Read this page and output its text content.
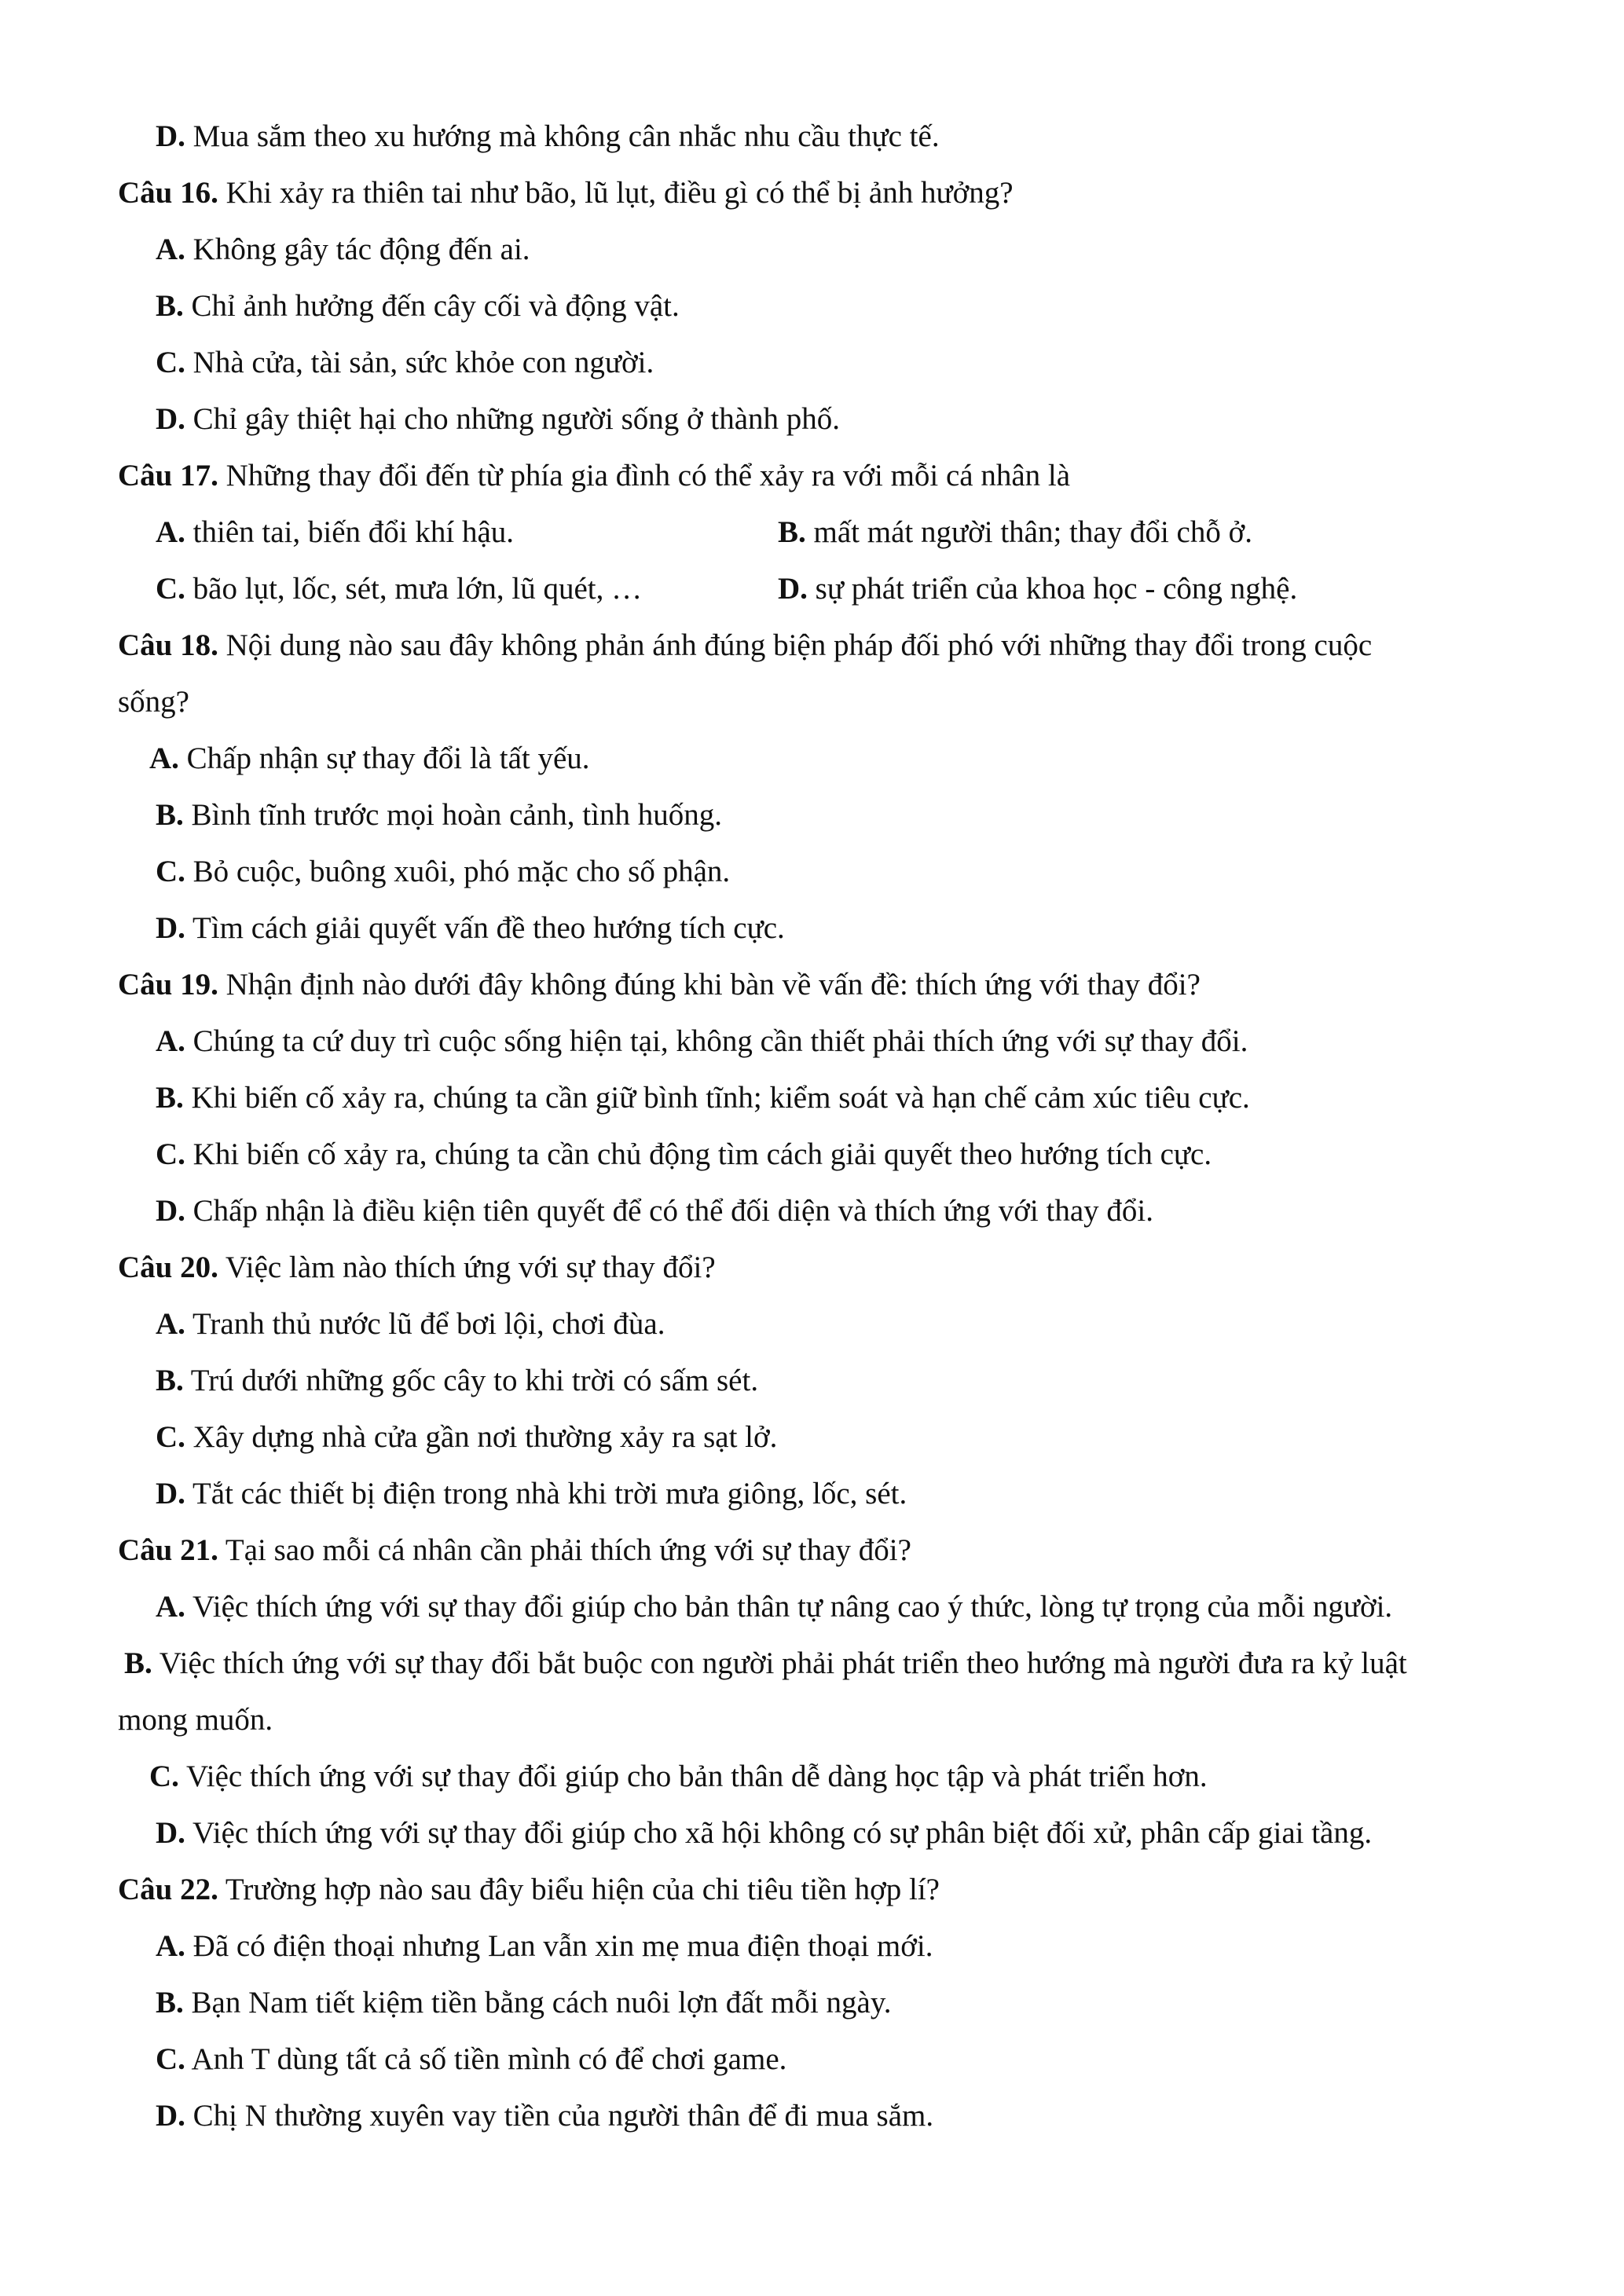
D. Mua sắm theo xu hướng mà không cân nhắc nhu cầu thực tế.
Câu 16. Khi xảy ra thiên tai như bão, lũ lụt, điều gì có thể bị ảnh hưởng?
A. Không gây tác động đến ai.
B. Chỉ ảnh hưởng đến cây cối và động vật.
C. Nhà cửa, tài sản, sức khỏe con người.
D. Chỉ gây thiệt hại cho những người sống ở thành phố.
Câu 17. Những thay đổi đến từ phía gia đình có thể xảy ra với mỗi cá nhân là
A. thiên tai, biến đổi khí hậu.	B. mất mát người thân; thay đổi chỗ ở.
C. bão lụt, lốc, sét, mưa lớn, lũ quét, …	D. sự phát triển của khoa học - công nghệ.
Câu 18. Nội dung nào sau đây không phản ánh đúng biện pháp đối phó với những thay đổi trong cuộc
sống?
A. Chấp nhận sự thay đổi là tất yếu.
B. Bình tĩnh trước mọi hoàn cảnh, tình huống.
C. Bỏ cuộc, buông xuôi, phó mặc cho số phận.
D. Tìm cách giải quyết vấn đề theo hướng tích cực.
Câu 19. Nhận định nào dưới đây không đúng khi bàn về vấn đề: thích ứng với thay đổi?
A. Chúng ta cứ duy trì cuộc sống hiện tại, không cần thiết phải thích ứng với sự thay đổi.
B. Khi biến cố xảy ra, chúng ta cần giữ bình tĩnh; kiểm soát và hạn chế cảm xúc tiêu cực.
C. Khi biến cố xảy ra, chúng ta cần chủ động tìm cách giải quyết theo hướng tích cực.
D. Chấp nhận là điều kiện tiên quyết để có thể đối diện và thích ứng với thay đổi.
Câu 20. Việc làm nào thích ứng với sự thay đổi?
A. Tranh thủ nước lũ để bơi lội, chơi đùa.
B. Trú dưới những gốc cây to khi trời có sấm sét.
C. Xây dựng nhà cửa gần nơi thường xảy ra sạt lở.
D. Tắt các thiết bị điện trong nhà khi trời mưa giông, lốc, sét.
Câu 21. Tại sao mỗi cá nhân cần phải thích ứng với sự thay đổi?
A. Việc thích ứng với sự thay đổi giúp cho bản thân tự nâng cao ý thức, lòng tự trọng của mỗi người.
B. Việc thích ứng với sự thay đổi bắt buộc con người phải phát triển theo hướng mà người đưa ra kỷ luật
mong muốn.
C. Việc thích ứng với sự thay đổi giúp cho bản thân dễ dàng học tập và phát triển hơn.
D. Việc thích ứng với sự thay đổi giúp cho xã hội không có sự phân biệt đối xử, phân cấp giai tầng.
Câu 22. Trường hợp nào sau đây biểu hiện của chi tiêu tiền hợp lí?
A. Đã có điện thoại nhưng Lan vẫn xin mẹ mua điện thoại mới.
B. Bạn Nam tiết kiệm tiền bằng cách nuôi lợn đất mỗi ngày.
C. Anh T dùng tất cả số tiền mình có để chơi game.
D. Chị N thường xuyên vay tiền của người thân để đi mua sắm.
